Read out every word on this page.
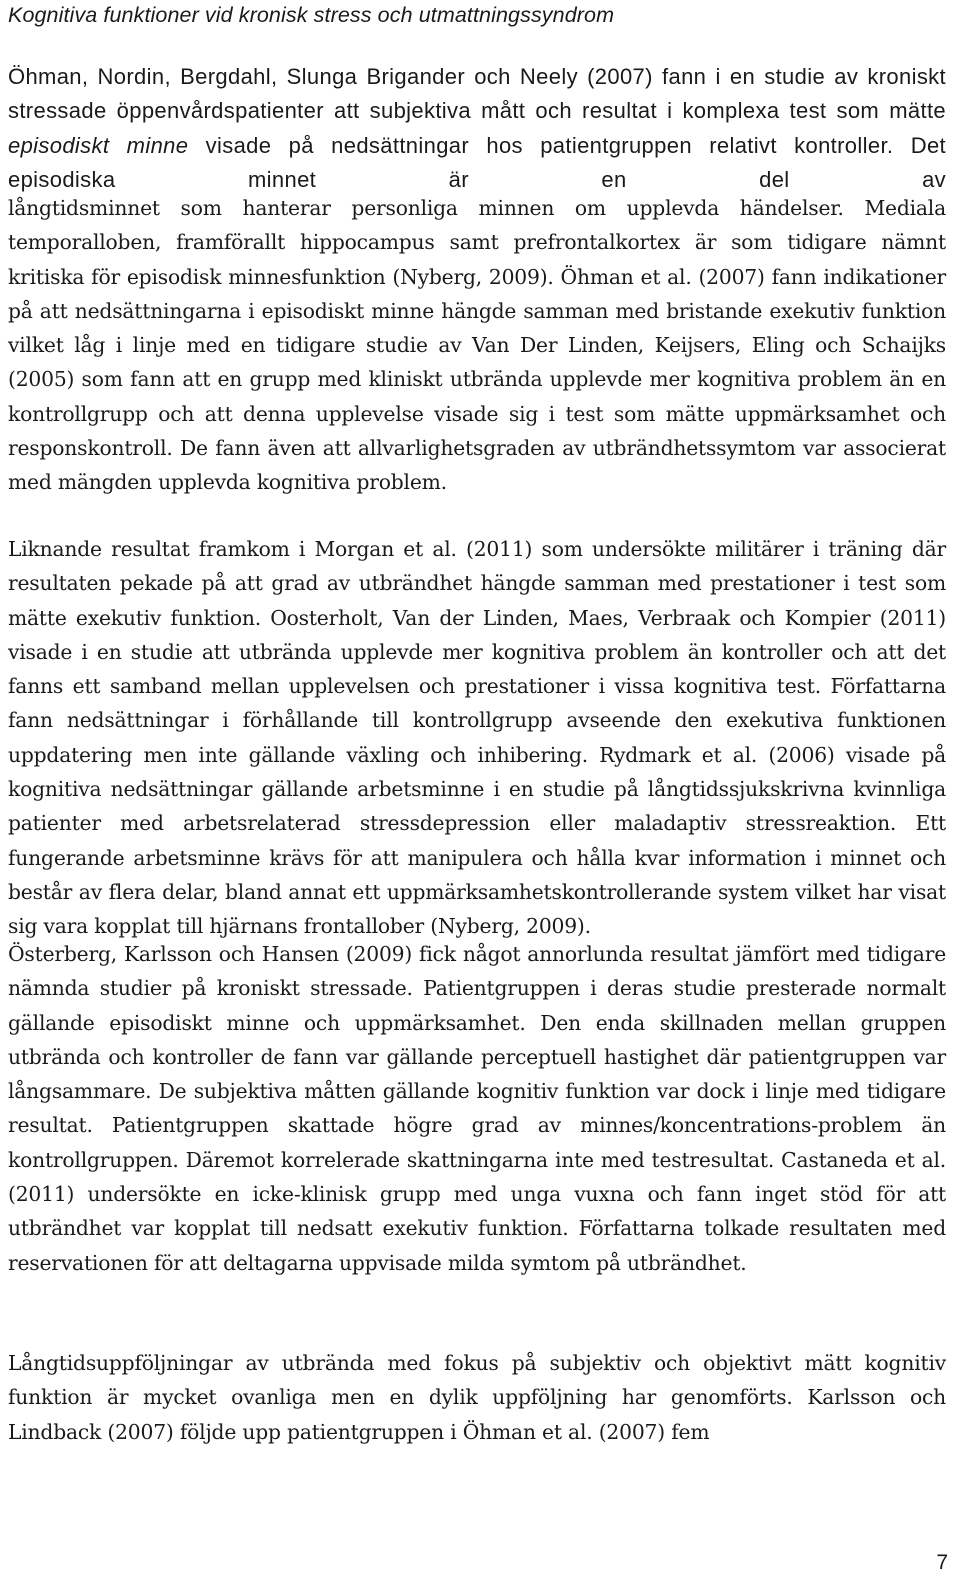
Kognitiva funktioner vid kronisk stress och utmattningssyndrom

Öhman, Nordin, Bergdahl, Slunga Brigander och Neely (2007) fann i en studie av kroniskt stressade öppenvårdspatienter att subjektiva mått och resultat i komplexa test som mätte episodiskt minne visade på nedsättningar hos patientgruppen relativt kontroller. Det episodiska minnet är en del av

långtidsminnet som hanterar personliga minnen om upplevda händelser. Mediala temporalloben, framförallt hippocampus samt prefrontalkortex är som tidigare nämnt kritiska för episodisk minnesfunktion (Nyberg, 2009). Öhman et al. (2007) fann indikationer på att nedsättningarna i episodiskt minne hängde samman med bristande exekutiv funktion vilket låg i linje med en tidigare studie av Van Der Linden, Keijsers, Eling och Schaijks (2005) som fann att en grupp med kliniskt utbrända upplevde mer kognitiva problem än en kontrollgrupp och att denna upplevelse visade sig i test som mätte uppmärksamhet och responskontroll. De fann även att allvarlighetsgraden av utbrändhetssymtom var associerat med mängden upplevda kognitiva problem.

Liknande resultat framkom i Morgan et al. (2011) som undersökte militärer i träning där resultaten pekade på att grad av utbrändhet hängde samman med prestationer i test som mätte exekutiv funktion. Oosterholt, Van der Linden, Maes, Verbraak och Kompier (2011) visade i en studie att utbrända upplevde mer kognitiva problem än kontroller och att det fanns ett samband mellan upplevelsen och prestationer i vissa kognitiva test. Författarna fann nedsättningar i förhållande till kontrollgrupp avseende den exekutiva funktionen uppdatering men inte gällande växling och inhibering. Rydmark et al. (2006) visade på kognitiva nedsättningar gällande arbetsminne i en studie på långtidssjukskrivna kvinnliga patienter med arbetsrelaterad stressdepression eller maladaptiv stressreaktion. Ett fungerande arbetsminne krävs för att manipulera och hålla kvar information i minnet och består av flera delar, bland annat ett uppmärksamhetskontrollerande system vilket har visat sig vara kopplat till hjärnans frontallober (Nyberg, 2009).

Österberg, Karlsson och Hansen (2009) fick något annorlunda resultat jämfört med tidigare nämnda studier på kroniskt stressade. Patientgruppen i deras studie presterade normalt gällande episodiskt minne och uppmärksamhet. Den enda skillnaden mellan gruppen utbrända och kontroller de fann var gällande perceptuell hastighet där patientgruppen var långsammare. De subjektiva måtten gällande kognitiv funktion var dock i linje med tidigare resultat. Patientgruppen skattade högre grad av minnes/koncentrations-problem än kontrollgruppen. Däremot korrelerade skattningarna inte med testresultat. Castaneda et al. (2011) undersökte en icke-klinisk grupp med unga vuxna och fann inget stöd för att utbrändhet var kopplat till nedsatt exekutiv funktion. Författarna tolkade resultaten med reservationen för att deltagarna uppvisade milda symtom på utbrändhet.

Långtidsuppföljningar av utbrända med fokus på subjektiv och objektivt mätt kognitiv funktion är mycket ovanliga men en dylik uppföljning har genomförts. Karlsson och Lindback (2007) följde upp patientgruppen i Öhman et al. (2007) fem

7
